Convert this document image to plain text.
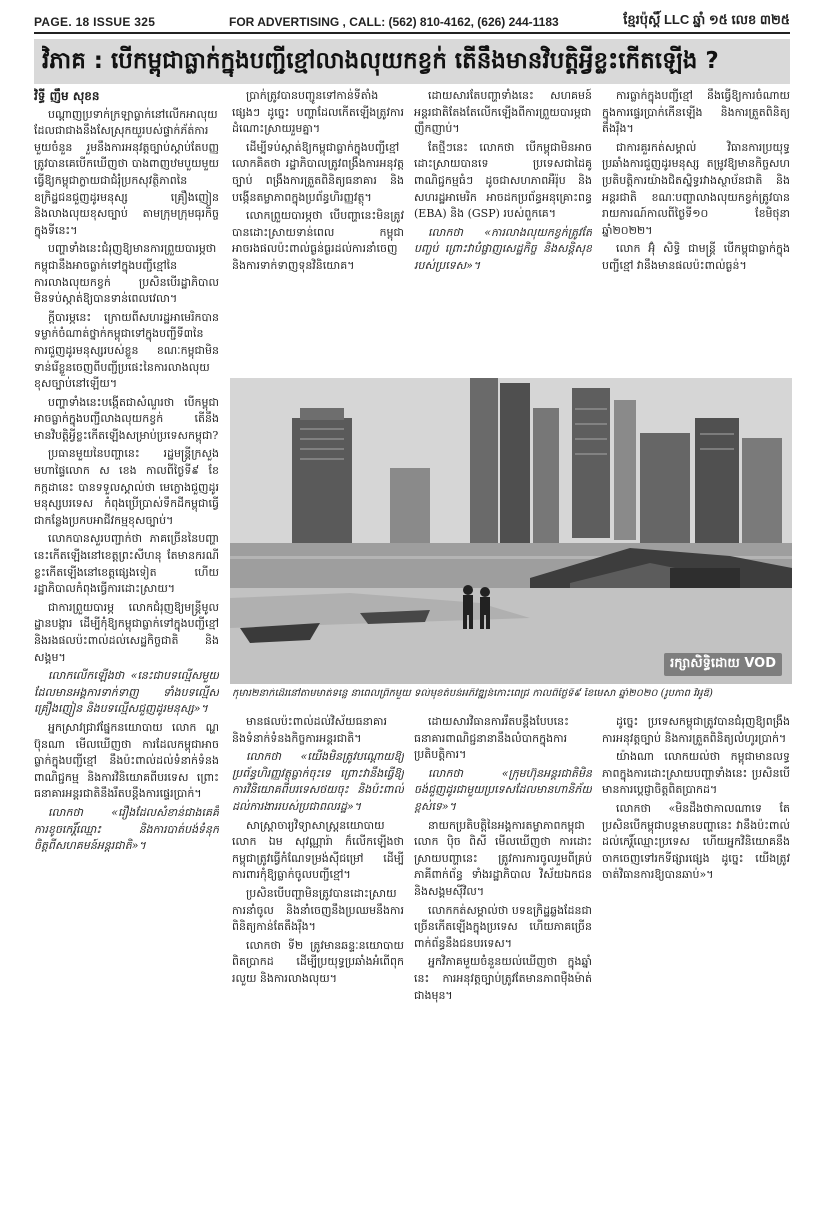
PAGE. 18 ISSUE 325	FOR ADVERTISING , CALL: (562) 810-4162, (626) 244-1183	ខ្មែរប៉ុស្ដិ៍ LLC ឆ្នាំ ១៥ លេខ ៣២៥
វិភាគ : បើកម្ពុជាធ្លាក់ក្នុងបញ្ជីខ្មៅលាងលុយកខ្វក់ តើនឹងមានវិបត្តិអ្វីខ្លះកើតឡើង ?

វិទ្ធី ញឹម សុខន

បណ្តាញប្រទាក់ក្រឡាធ្លាក់នៅលើកអាលុយដែលជាជាងនឹងសែស្រុកយួរបស់ផ្ទាក់ភ័ត់ការមួយចំនួន រួមនឹងការអនុវត្តច្បាប់ស្តាប់តែបញ្ញត្រូវបានគេបើកឃើញថា បាងពាញឋមបួយមួយធ្វើឱ្យកម្ពុជាក្លាយជាជំរុំប្រកសុវត្ថិភាពនៃឧក្រិដ្ឋជនជួញដូរមនុស្ស គ្រឿងញៀន និងលាងលុយខុសច្បាប់ តាមក្រុមក្រុមធុរកិច្ចក្នុងទីនេះ។

បញ្ហាទាំងនេះជំរុញឱ្យមានការព្រួយបារម្ភថា កម្ពុជានឹងអាចធ្លាក់ទៅក្នុងបញ្ជីខ្មៅនៃការលាងលុយកខ្វក់ ប្រសិនបើរដ្ឋាភិបាលមិនទប់ស្កាត់ឱ្យបានទាន់ពេលវេលា។

ក្តីបារម្ភនេះ ក្រោយពីសហរដ្ឋអាមេរិកបានទម្លាក់ចំណាត់ថ្នាក់កម្ពុជាទៅក្នុងបញ្ជីទី៣នៃការជួញដូរមនុស្សរបស់ខ្លួន ខណៈកម្ពុជាមិនទាន់រើខ្លួនចេញពីបញ្ជីប្រផេះនៃការលាងលុយខុសច្បាប់នៅឡើយ។

បញ្ហាទាំងនេះបង្កើតជាសំណួរថា បើកម្ពុជាអាចធ្លាក់ក្នុងបញ្ជីលាងលុយកខ្វក់ តើនឹងមានវិបត្តិអ្វីខ្លះកើតឡើងសម្រាប់ប្រទេសកម្ពុជា?

ប្រធានមួយនៃបញ្ហានេះ រដ្ឋមន្ត្រីក្រសួងមហាផ្ទៃលោក ស ខេង កាលពីថ្ងៃទី៩ ខែកក្កដានេះ បានទទួលស្គាល់ថា មេក្លោងជួញដូរមនុស្សបរទេស កំពុងប្រើប្រាស់ទឹកដីកម្ពុជាធ្វើជាកន្លែងប្រកបអាជីវកម្មខុសច្បាប់។

លោកបានសួរបញ្ជាក់ថា ភាគច្រើននៃបញ្ហានេះកើតឡើងនៅខេត្តព្រះសីហនុ តែមានករណីខ្លះកើតឡើងនៅខេត្តផ្សេងទៀត ហើយរដ្ឋាភិបាលកំពុងធ្វើការដោះស្រាយ។

ជាការព្រួយបារម្ភ លោកជំរុញឱ្យមន្ត្រីមូលដ្ឋានបង្ការ ដើម្បីកុំឱ្យកម្ពុជាធ្លាក់ទៅក្នុងបញ្ជីខ្មៅ និងរងផលប៉ះពាល់ដល់សេដ្ឋកិច្ចជាតិ និងសង្គម។

លោកលើកឡើងថា «នេះជាបទល្មើសមួយដែលមានអង្គការទាក់ទាញ ទាំងបទល្មើសគ្រឿងញៀន និងបទល្មើសជួញដូរមនុស្ស»។

អ្នកស្រាវជ្រាវផ្នែកនយោបាយ លោក ណ្ហ ប៊ុនណា មើលឃើញថា ការដែលកម្ពុជាអាចធ្លាក់ក្នុងបញ្ជីខ្មៅ នឹងប៉ះពាល់ដល់ទំនាក់ទំនងពាណិជ្ជកម្ម និងការវិនិយោគពីបរទេស ព្រោះធនាគារអន្តរជាតិនឹងរឹតបន្តឹងការផ្ទេរប្រាក់។

លោកថា «រឿងដែលសំខាន់ជាងគេគឺការខូចកេរ្តិ៍ឈ្មោះ និងការបាត់បង់ទំនុកចិត្តពីសហគមន៍អន្តរជាតិ»។

ប្រាក់ត្រូវបានបញ្ជូនទៅកាន់ទីតាំងផ្សេងៗ ដូច្នេះ បញ្ហាដែលកើតឡើងត្រូវការដំណោះស្រាយរួមគ្នា។

ដើម្បីទប់ស្កាត់ឱ្យកម្ពុជាធ្លាក់ក្នុងបញ្ជីខ្មៅ លោកគិតថា រដ្ឋាភិបាលត្រូវពង្រឹងការអនុវត្តច្បាប់ ពង្រឹងការត្រួតពិនិត្យធនាគារ និងបង្កើនតម្លាភាពក្នុងប្រព័ន្ធហិរញ្ញវត្ថុ។

លោកព្រួយបារម្ភថា បើបញ្ហានេះមិនត្រូវបានដោះស្រាយទាន់ពេល កម្ពុជាអាចរងផលប៉ះពាល់ធ្ងន់ធ្ងរដល់ការនាំចេញ និងការទាក់ទាញទុនវិនិយោគ។

ដោយសារតែបញ្ហាទាំងនេះ សហគមន៍អន្តរជាតិតែងតែលើកឡើងពីការព្រួយបារម្ភជាញឹកញាប់។

តែថ្មីៗនេះ លោកថា បើកម្ពុជាមិនអាចដោះស្រាយបានទេ ប្រទេសជាដៃគូពាណិជ្ជកម្មធំៗ ដូចជាសហភាពអឺរ៉ុប និងសហរដ្ឋអាមេរិក អាចដកប្រព័ន្ធអនុគ្រោះពន្ធ (EBA) និង (GSP) របស់ពួកគេ។

លោកថា «ការលាងលុយកខ្វក់ត្រូវតែបញ្ចប់ ព្រោះវាបំផ្លាញសេដ្ឋកិច្ច និងសន្តិសុខរបស់ប្រទេស»។

ការធ្លាក់ក្នុងបញ្ជីខ្មៅ នឹងធ្វើឱ្យការចំណាយក្នុងការផ្ទេរប្រាក់កើនឡើង និងការត្រួតពិនិត្យតឹងរ៉ឹង។

ជាការគួរកត់សម្គាល់ វិធានការប្រយុទ្ធប្រឆាំងការជួញដូរមនុស្ស តម្រូវឱ្យមានកិច្ចសហប្រតិបត្តិការយ៉ាងជិតស្និទ្ធរវាងស្ថាប័នជាតិ និងអន្តរជាតិ ខណៈបញ្ហាលាងលុយកខ្វក់ត្រូវបានរាយការណ៍កាលពីថ្ងៃទី១០ ខែមិថុនា ឆ្នាំ២០២២។

លោក អ៊ុំ សិទ្ធិ ជាមន្ត្រី បើកម្ពុជាធ្លាក់ក្នុងបញ្ជីខ្មៅ វានឹងមានផលប៉ះពាល់ធ្ងន់។

រក្សាសិទ្ធិដោយ VOD
កុមារ២នាក់ដើរនៅតាមមាត់ទន្លេ នាពេលព្រឹកមួយ ទល់មុខតំបន់អភិវឌ្ឍន៍កោះពេជ្រ កាលពីថ្ងៃទី៩ ខែមេសា ឆ្នាំ២០២០ (រូបភាព វីអូឌី)

មានផលប៉ះពាល់ដល់វិស័យធនាគារ និងទំនាក់ទំនងកិច្ចការអន្តរជាតិ។

លោកថា «យើងមិនត្រូវបណ្តោយឱ្យប្រព័ន្ធហិរញ្ញវត្ថុធ្លាក់ចុះទេ ព្រោះវានឹងធ្វើឱ្យការវិនិយោគពីបរទេសថយចុះ និងប៉ះពាល់ដល់ការងាររបស់ប្រជាពលរដ្ឋ»។

សាស្ត្រាចារ្យវិទ្យាសាស្ត្រនយោបាយ លោក ឯម សុវណ្ណារ៉ា ក៏លើកឡើងថា កម្ពុជាត្រូវធ្វើកំណែទម្រង់ស៊ីជម្រៅ ដើម្បីការពារកុំឱ្យធ្លាក់ចូលបញ្ជីខ្មៅ។

ប្រសិនបើបញ្ហាមិនត្រូវបានដោះស្រាយ ការនាំចូល និងនាំចេញនឹងប្រឈមនឹងការពិនិត្យកាន់តែតឹងរ៉ឹង។

លោកថា ទី២ ត្រូវមានឆន្ទៈនយោបាយពិតប្រាកដ ដើម្បីប្រយុទ្ធប្រឆាំងអំពើពុករលួយ និងការលាងលុយ។

ដោយសារវិធានការរឹតបន្តឹងបែបនេះ ធនាគារពាណិជ្ជនានានឹងលំបាកក្នុងការប្រតិបត្តិការ។

លោកថា «ក្រុមហ៊ុនអន្តរជាតិមិនចង់ជួញដូរជាមួយប្រទេសដែលមានហានិភ័យខ្ពស់ទេ»។

នាយកប្រតិបត្តិនៃអង្គការតម្លាភាពកម្ពុជា លោក ប៉ិច ពិសី មើលឃើញថា ការដោះស្រាយបញ្ហានេះ ត្រូវការការចូលរួមពីគ្រប់ភាគីពាក់ព័ន្ធ ទាំងរដ្ឋាភិបាល វិស័យឯកជន និងសង្គមស៊ីវិល។

លោកកត់សម្គាល់ថា បទឧក្រិដ្ឋឆ្លងដែនជាច្រើនកើតឡើងក្នុងប្រទេស ហើយភាគច្រើនពាក់ព័ន្ធនឹងជនបរទេស។

អ្នកវិភាគមួយចំនួនយល់ឃើញថា ក្នុងឆ្នាំនេះ ការអនុវត្តច្បាប់ត្រូវតែមានភាពម៉ឺងម៉ាត់ជាងមុន។

ដូច្នេះ ប្រទេសកម្ពុជាត្រូវបានជំរុញឱ្យពង្រឹងការអនុវត្តច្បាប់ និងការត្រួតពិនិត្យលំហូរប្រាក់។

យ៉ាងណា លោកយល់ថា កម្ពុជាមានលទ្ធភាពក្នុងការដោះស្រាយបញ្ហាទាំងនេះ ប្រសិនបើមានការប្តេជ្ញាចិត្តពិតប្រាកដ។

លោកថា «មិនដឹងថាកាលណាទេ តែប្រសិនបើកម្ពុជាបន្តមានបញ្ហានេះ វានឹងប៉ះពាល់ដល់កេរ្តិ៍ឈ្មោះប្រទេស ហើយអ្នកវិនិយោគនឹងចាកចេញទៅរកទីផ្សារផ្សេង ដូច្នេះ យើងត្រូវចាត់វិធានការឱ្យបានឆាប់»។
